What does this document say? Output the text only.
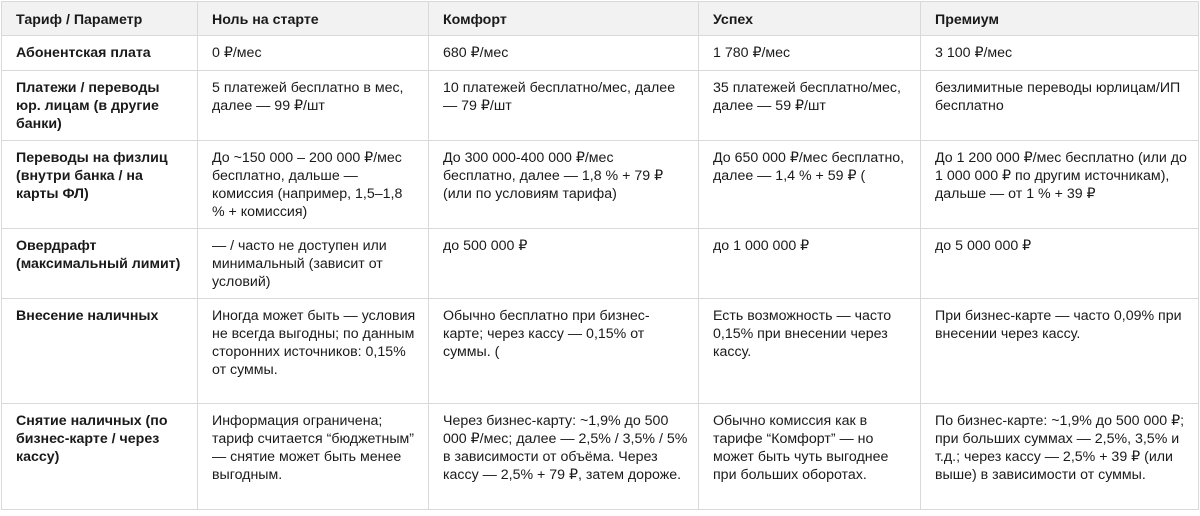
Тариф / Параметр	Ноль на старте	Комфорт	Успех	Премиум
Абонентская плата	0 ₽/мес	680 ₽/мес	1 780 ₽/мес	3 100 ₽/мес
Платежи / переводы юр. лицам (в другие банки)	5 платежей бесплатно в мес, далее — 99 ₽/шт	10 платежей бесплатно/мес, далее — 79 ₽/шт	35 платежей бесплатно/мес, далее — 59 ₽/шт	безлимитные переводы юрлицам/ИП бесплатно
Переводы на физлиц (внутри банка / на карты ФЛ)	До ~150 000 – 200 000 ₽/мес бесплатно, дальше — комиссия (например, 1,5–1,8 % + комиссия)	До 300 000-400 000 ₽/мес бесплатно, далее — 1,8 % + 79 ₽ (или по условиям тарифа)	До 650 000 ₽/мес бесплатно, далее — 1,4 % + 59 ₽ (	До 1 200 000 ₽/мес бесплатно (или до 1 000 000 ₽ по другим источникам), дальше — от 1 % + 39 ₽
Овердрафт (максимальный лимит)	— / часто не доступен или минимальный (зависит от условий)	до 500 000 ₽	до 1 000 000 ₽	до 5 000 000 ₽
Внесение наличных	Иногда может быть — условия не всегда выгодны; по данным сторонних источников: 0,15% от суммы.	Обычно бесплатно при бизнес-карте; через кассу — 0,15% от суммы. (	Есть возможность — часто 0,15% при внесении через кассу.	При бизнес-карте — часто 0,09% при внесении через кассу.
Снятие наличных (по бизнес-карте / через кассу)	Информация ограничена; тариф считается “бюджетным” — снятие может быть менее выгодным.	Через бизнес-карту: ~1,9% до 500 000 ₽/мес; далее — 2,5% / 3,5% / 5% в зависимости от объёма. Через кассу — 2,5% + 79 ₽, затем дороже.	Обычно комиссия как в тарифе “Комфорт” — но может быть чуть выгоднее при больших оборотах.	По бизнес-карте: ~1,9% до 500 000 ₽; при больших суммах — 2,5%, 3,5% и т.д.; через кассу — 2,5% + 39 ₽ (или выше) в зависимости от суммы.
